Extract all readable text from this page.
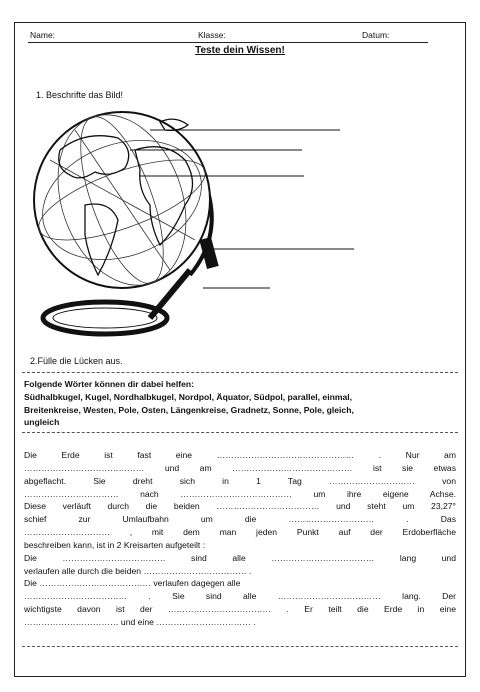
Name:	Klasse:	Datum:
Teste dein Wissen!
1. Beschrifte das Bild!
2.Fülle die Lücken aus.
Folgende Wörter können dir dabei helfen:
Südhalbkugel, Kugel, Nordhalbkugel, Nordpol, Äquator, Südpol, parallel, einmal,
Breitenkreise, Westen, Pole, Osten, Längenkreise, Gradnetz, Sonne, Pole, gleich,
ungleich
Die Erde ist fast eine ………………………………………… . Nur am
…………………………………… und am …………………………………… ist sie etwas
abgeflacht. Sie dreht sich in 1 Tag ………………………… von
…………………………… nach ………………………………… um ihre eigene Achse.
Diese verläuft durch die beiden ……………………………… und steht um 23,27°
schief zur Umlaufbahn um die ………………………… . Das
………………………… , mit dem man jeden Punkt auf der Erdoberfläche
beschreiben kann, ist in 2 Kreisarten aufgeteilt :
Die ……………………………… sind alle ……………………………… lang und
verlaufen alle durch die beiden ……………………………… .
Die ………………………………… verlaufen dagegen alle
……………………………… . Sie sind alle ……………………………… lang. Der
wichtigste davon ist der ……………………………… . Er teilt die Erde in eine
…………………………… und eine …………………………… .
